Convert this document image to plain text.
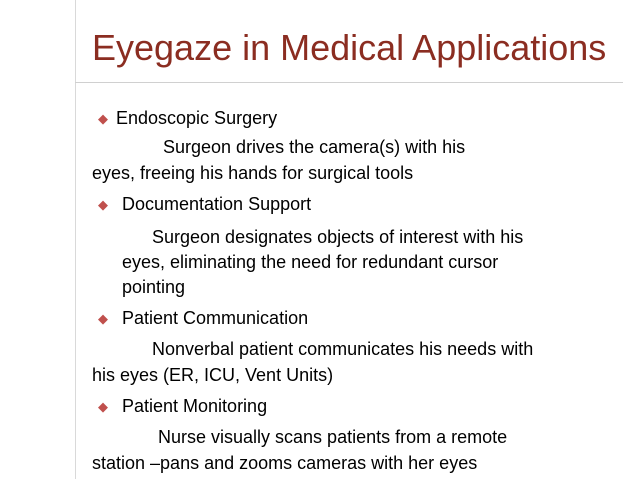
Eyegaze in Medical Applications
◆ Endoscopic Surgery
Surgeon drives the camera(s) with his
eyes, freeing his hands for surgical tools
◆ Documentation Support
Surgeon designates objects of interest with his
eyes, eliminating the need for redundant cursor
pointing
◆ Patient Communication
Nonverbal patient communicates his needs with
his eyes (ER, ICU, Vent Units)
◆ Patient Monitoring
Nurse visually scans patients from a remote
station –pans and zooms cameras with her eyes
